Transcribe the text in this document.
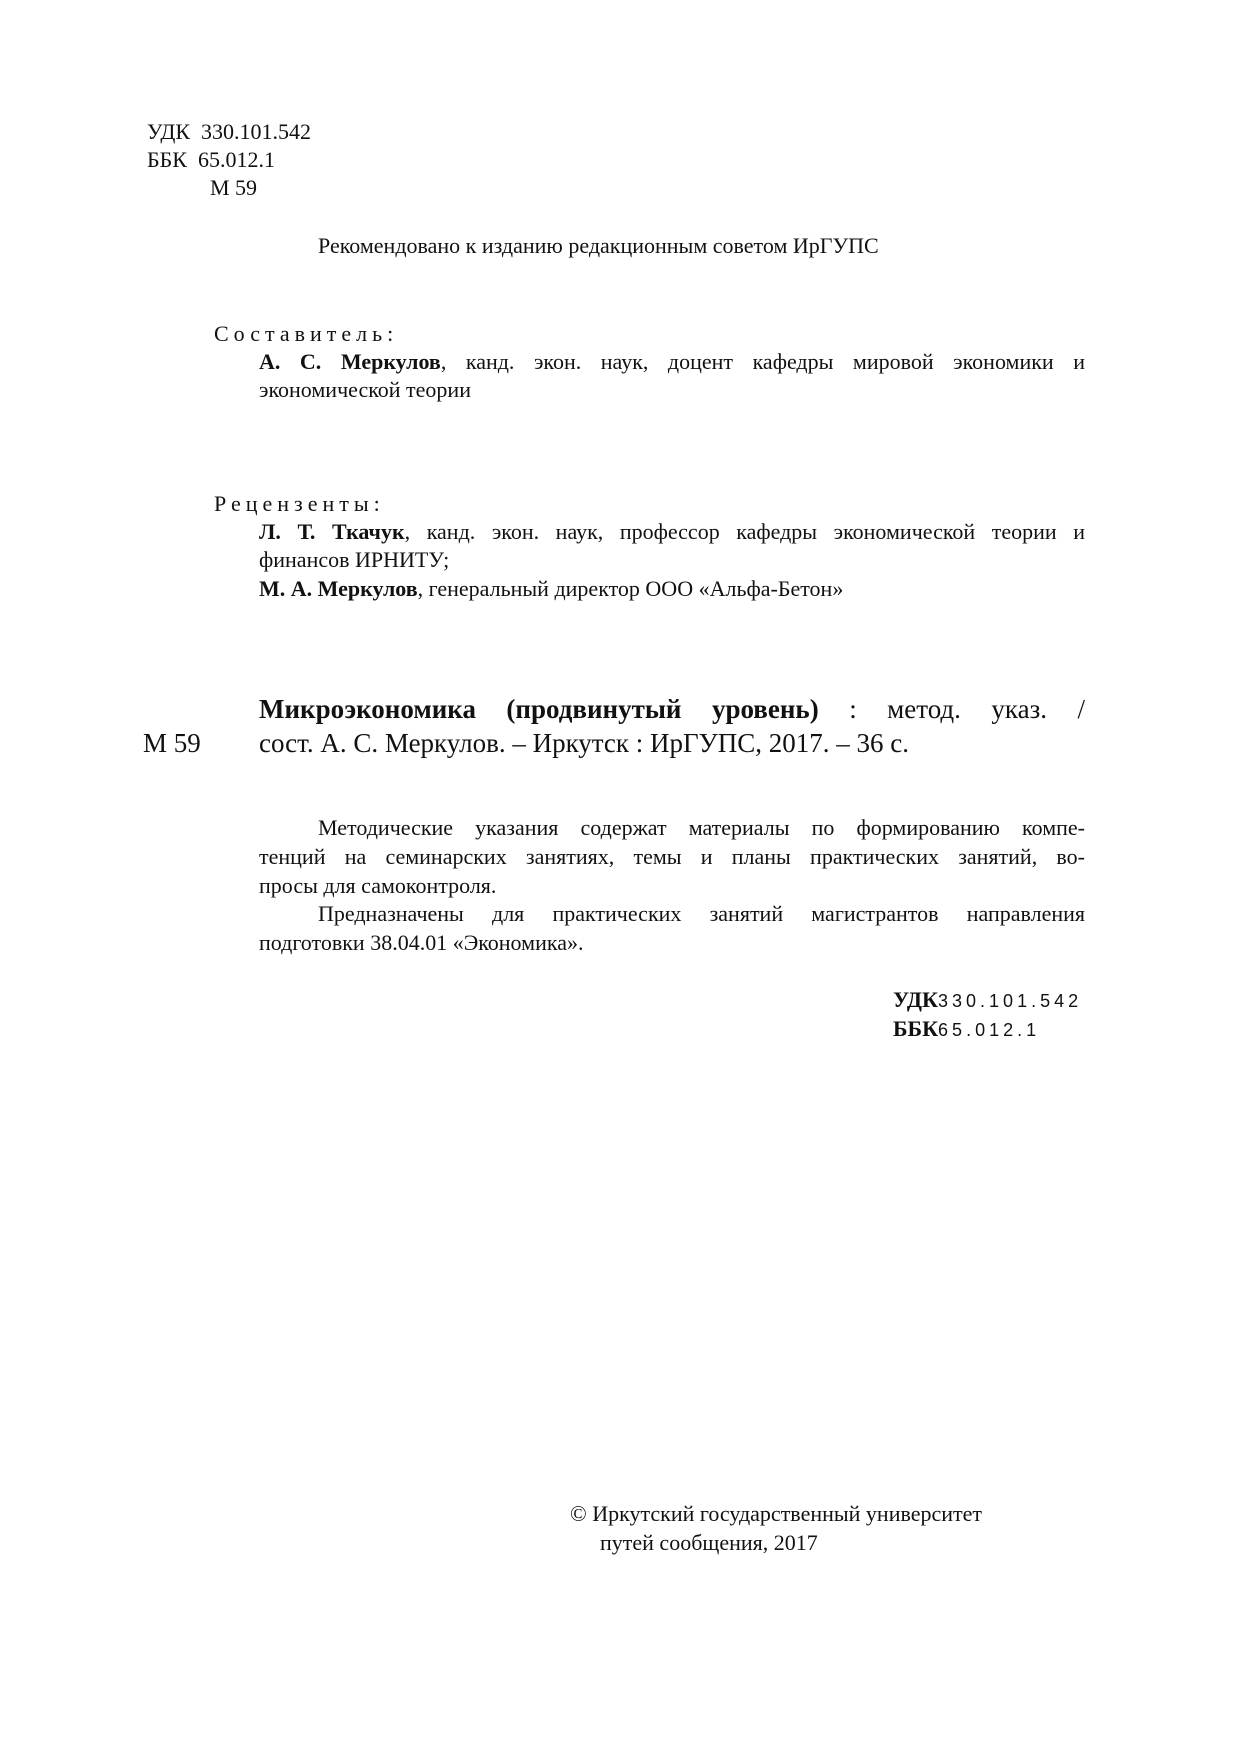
УДК 330.101.542
ББК 65.012.1
М 59
Рекомендовано к изданию редакционным советом ИрГУПС
Составитель:
А. С. Меркулов, канд. экон. наук, доцент кафедры мировой экономики и
экономической теории
Рецензенты:
Л. Т. Ткачук, канд. экон. наук, профессор кафедры экономической теории и
финансов ИРНИТУ;
М. А. Меркулов, генеральный директор ООО «Альфа-Бетон»
М 59
Микроэкономика (продвинутый уровень) : метод. указ. /
сост. А. С. Меркулов. – Иркутск : ИрГУПС, 2017. – 36 с.
Методические указания содержат материалы по формированию компе-
тенций на семинарских занятиях, темы и планы практических занятий, во-
просы для самоконтроля.
Предназначены для практических занятий магистрантов направления
подготовки 38.04.01 «Экономика».
УДК330.101.542
ББК65.012.1
© Иркутский государственный университет
путей сообщения, 2017
